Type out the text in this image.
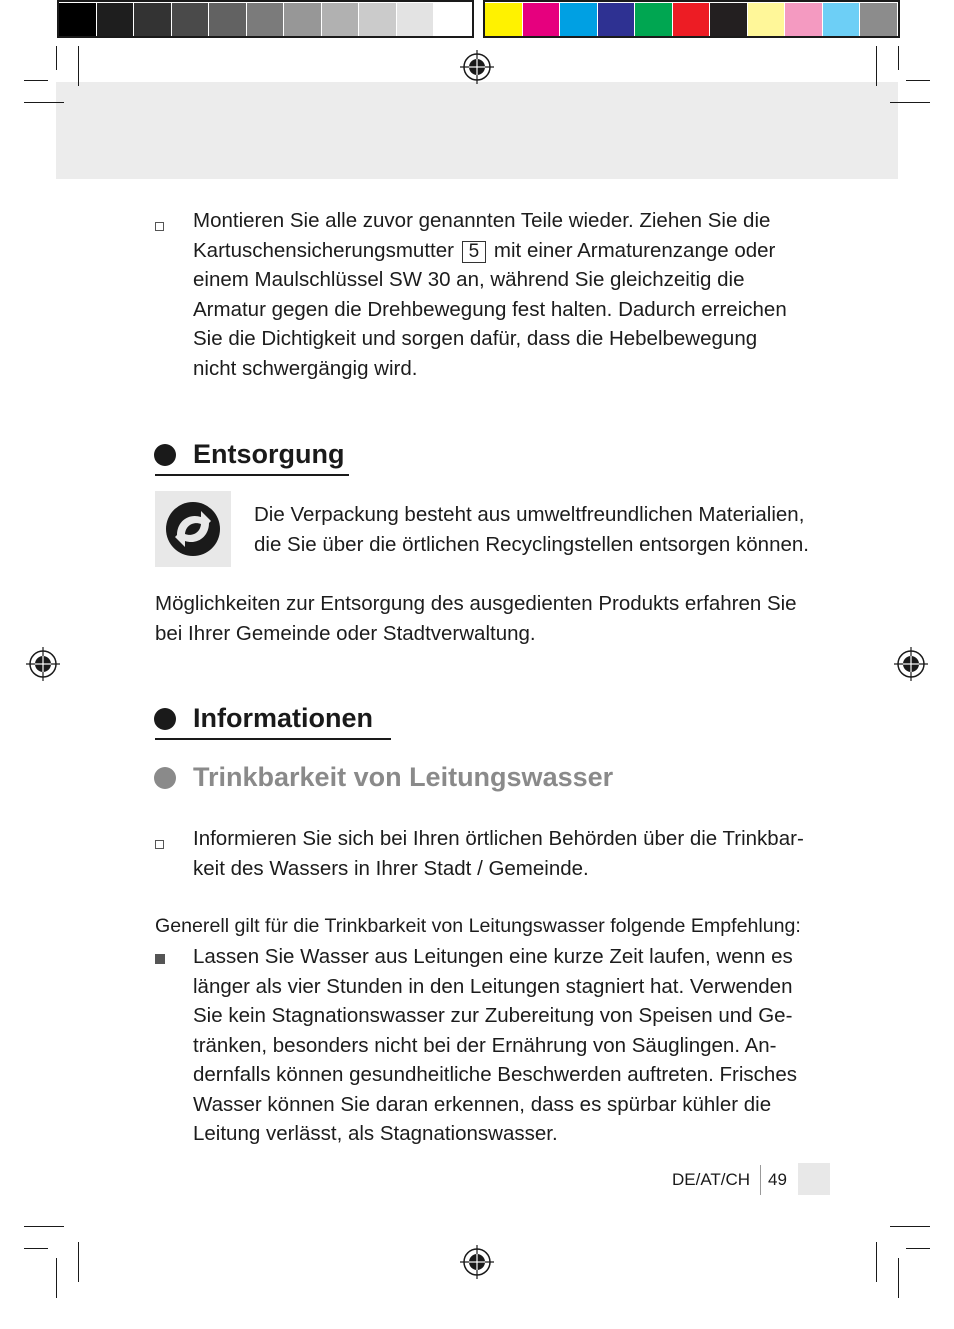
Montieren Sie alle zuvor genannten Teile wieder. Ziehen Sie die
Kartuschensicherungsmutter 5 mit einer Armaturenzange oder
einem Maulschlüssel SW 30 an, während Sie gleichzeitig die
Armatur gegen die Drehbewegung fest halten. Dadurch erreichen
Sie die Dichtigkeit und sorgen dafür, dass die Hebelbewegung
nicht schwergängig wird.
Entsorgung
Die Verpackung besteht aus umweltfreundlichen Materialien,
die Sie über die örtlichen Recyclingstellen entsorgen können.
Möglichkeiten zur Entsorgung des ausgedienten Produkts erfahren Sie
bei Ihrer Gemeinde oder Stadtverwaltung.
Informationen
Trinkbarkeit von Leitungswasser
Informieren Sie sich bei Ihren örtlichen Behörden über die Trinkbar-
keit des Wassers in Ihrer Stadt / Gemeinde.
Generell gilt für die Trinkbarkeit von Leitungswasser folgende Empfehlung:
Lassen Sie Wasser aus Leitungen eine kurze Zeit laufen, wenn es
länger als vier Stunden in den Leitungen stagniert hat. Verwenden
Sie kein Stagnationswasser zur Zubereitung von Speisen und Ge-
tränken, besonders nicht bei der Ernährung von Säuglingen. An-
dernfalls können gesundheitliche Beschwerden auftreten. Frisches
Wasser können Sie daran erkennen, dass es spürbar kühler die
Leitung verlässt, als Stagnationswasser.
DE/AT/CH 49
